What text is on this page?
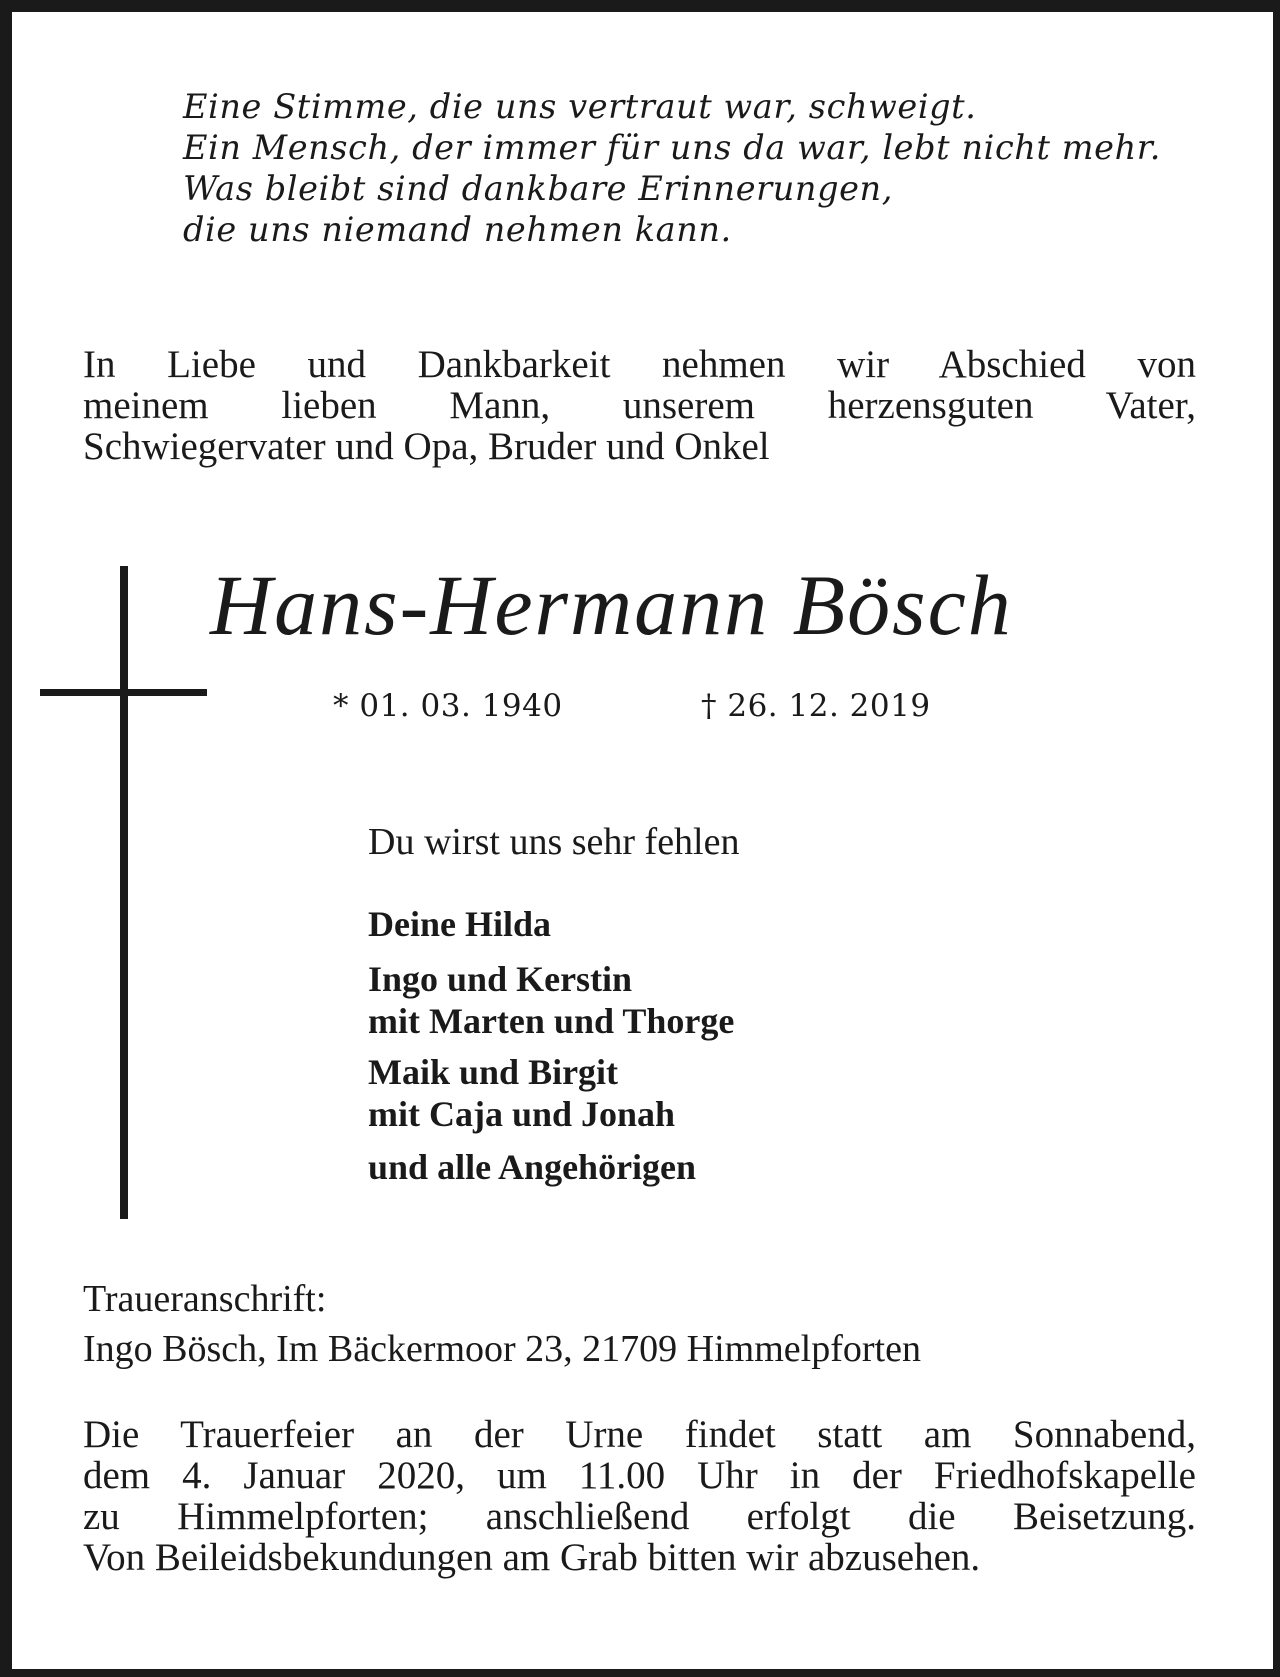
Eine Stimme, die uns vertraut war, schweigt.
Ein Mensch, der immer für uns da war, lebt nicht mehr.
Was bleibt sind dankbare Erinnerungen,
die uns niemand nehmen kann.
In Liebe und Dankbarkeit nehmen wir Abschied von
meinem lieben Mann, unserem herzensguten Vater,
Schwiegervater und Opa, Bruder und Onkel
Hans-Hermann Bösch
* 01. 03. 1940	† 26. 12. 2019
Du wirst uns sehr fehlen
Deine Hilda
Ingo und Kerstin
mit Marten und Thorge
Maik und Birgit
mit Caja und Jonah
und alle Angehörigen
Traueranschrift:
Ingo Bösch, Im Bäckermoor 23, 21709 Himmelpforten
Die Trauerfeier an der Urne findet statt am Sonnabend,
dem 4. Januar 2020, um 11.00 Uhr in der Friedhofskapelle
zu Himmelpforten; anschließend erfolgt die Beisetzung.
Von Beileidsbekundungen am Grab bitten wir abzusehen.
